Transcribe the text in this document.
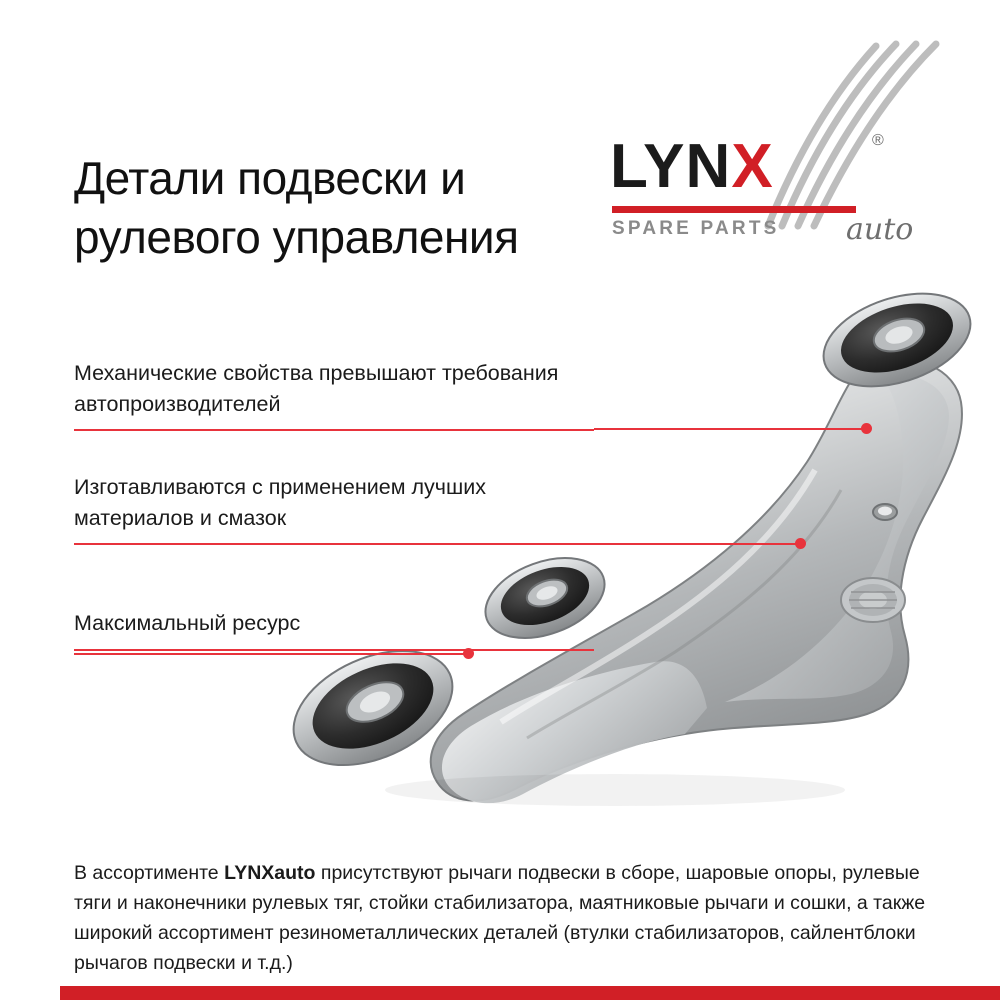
LYNX	®
SPARE PARTS auto
Детали подвески и рулевого управления
Механические свойства превышают требования автопроизводителей
Изготавливаются с применением лучших материалов и смазок
Максимальный ресурс

В ассортименте LYNXauto присутствуют рычаги подвески в сборе, шаровые опоры, рулевые тяги и наконечники рулевых тяг, стойки стабилизатора, маятниковые рычаги и сошки, а также широкий ассортимент резинометаллических деталей (втулки стабилизаторов, сайлентблоки рычагов подвески и т.д.)
